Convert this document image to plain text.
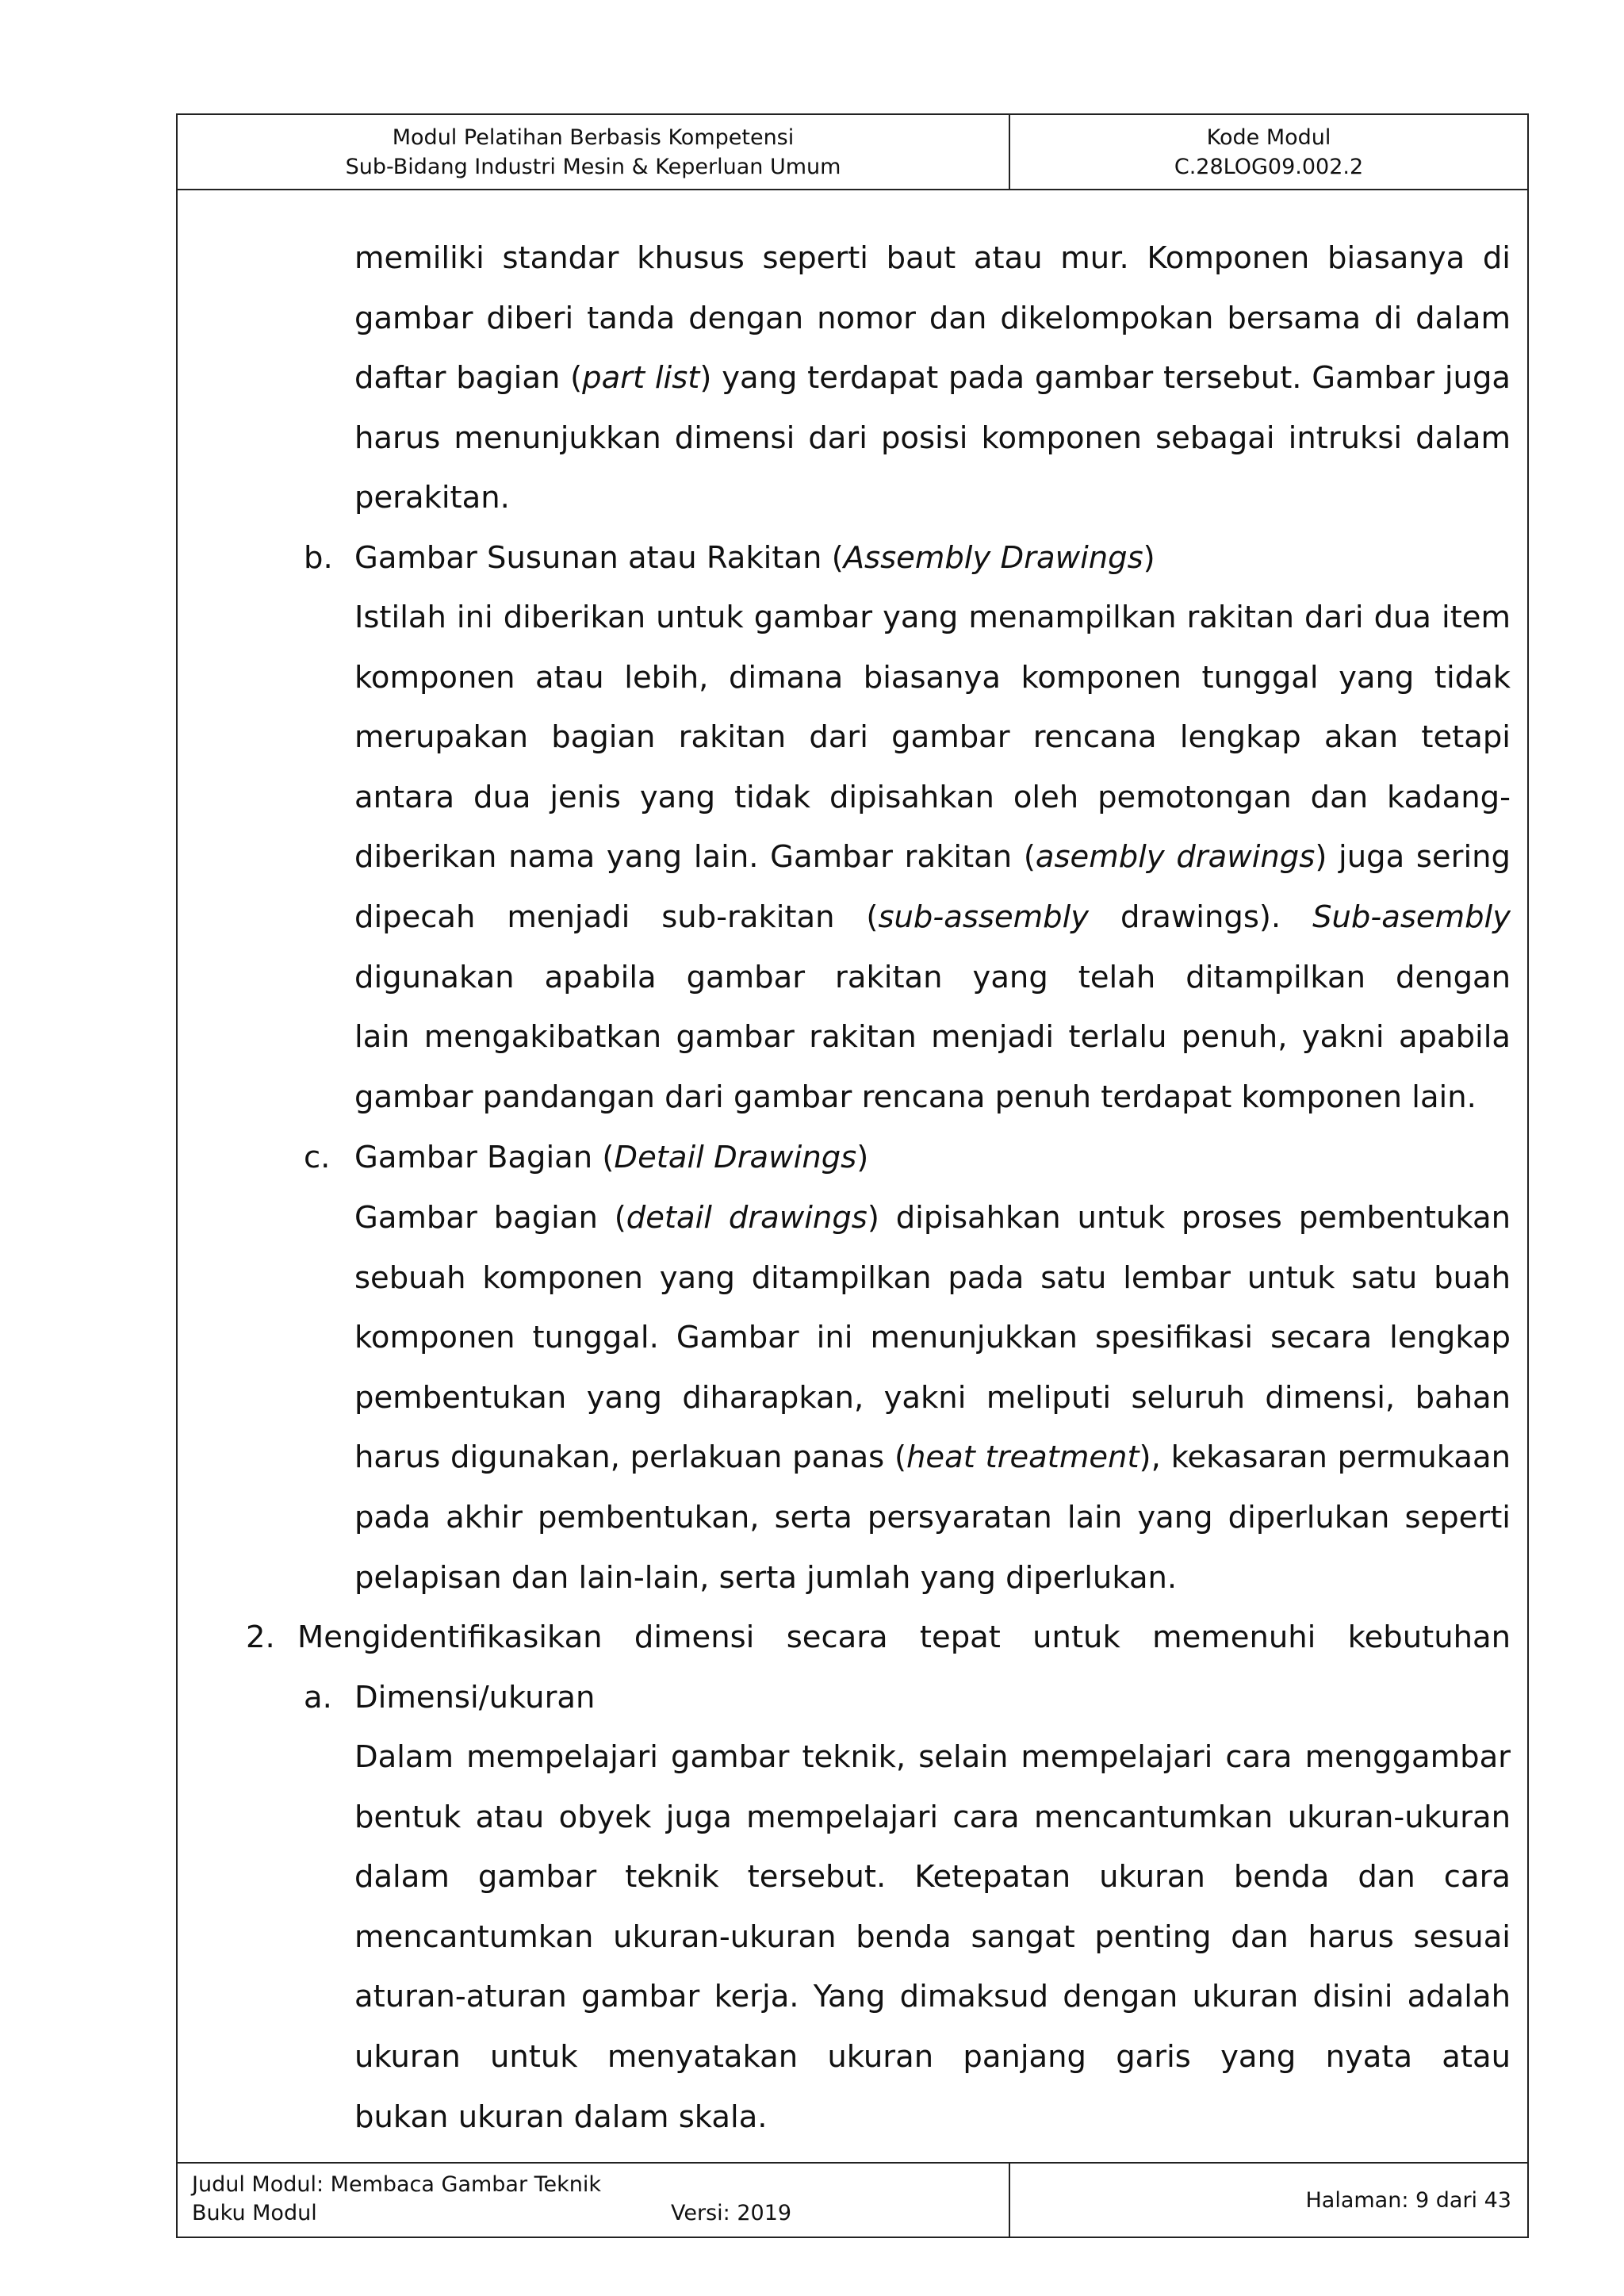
Modul Pelatihan Berbasis Kompetensi
Sub-Bidang Industri Mesin & Keperluan Umum
Kode Modul
C.28LOG09.002.2
Judul Modul: Membaca Gambar Teknik
Buku Modul	Versi: 2019
Halaman: 9 dari 43
memiliki standar khusus seperti baut atau mur. Komponen biasanya di
gambar diberi tanda dengan nomor dan dikelompokan bersama di dalam
daftar bagian (part list) yang terdapat pada gambar tersebut. Gambar juga
harus menunjukkan dimensi dari posisi komponen sebagai intruksi dalam
perakitan.
b. Gambar Susunan atau Rakitan (Assembly Drawings)
Istilah ini diberikan untuk gambar yang menampilkan rakitan dari dua item
komponen atau lebih, dimana biasanya komponen tunggal yang tidak
merupakan bagian rakitan dari gambar rencana lengkap akan tetapi
antara dua jenis yang tidak dipisahkan oleh pemotongan dan kadang-
diberikan nama yang lain. Gambar rakitan (asembly drawings) juga sering
dipecah menjadi sub-rakitan (sub-assembly drawings). Sub-asembly
digunakan apabila gambar rakitan yang telah ditampilkan dengan
lain mengakibatkan gambar rakitan menjadi terlalu penuh, yakni apabila
gambar pandangan dari gambar rencana penuh terdapat komponen lain.
c. Gambar Bagian (Detail Drawings)
Gambar bagian (detail drawings) dipisahkan untuk proses pembentukan
sebuah komponen yang ditampilkan pada satu lembar untuk satu buah
komponen tunggal. Gambar ini menunjukkan spesifikasi secara lengkap
pembentukan yang diharapkan, yakni meliputi seluruh dimensi, bahan
harus digunakan, perlakuan panas (heat treatment), kekasaran permukaan
pada akhir pembentukan, serta persyaratan lain yang diperlukan seperti
pelapisan dan lain-lain, serta jumlah yang diperlukan.
2. Mengidentifikasikan dimensi secara tepat untuk memenuhi kebutuhan
a. Dimensi/ukuran
Dalam mempelajari gambar teknik, selain mempelajari cara menggambar
bentuk atau obyek juga mempelajari cara mencantumkan ukuran-ukuran
dalam gambar teknik tersebut. Ketepatan ukuran benda dan cara
mencantumkan ukuran-ukuran benda sangat penting dan harus sesuai
aturan-aturan gambar kerja. Yang dimaksud dengan ukuran disini adalah
ukuran untuk menyatakan ukuran panjang garis yang nyata atau
bukan ukuran dalam skala.
